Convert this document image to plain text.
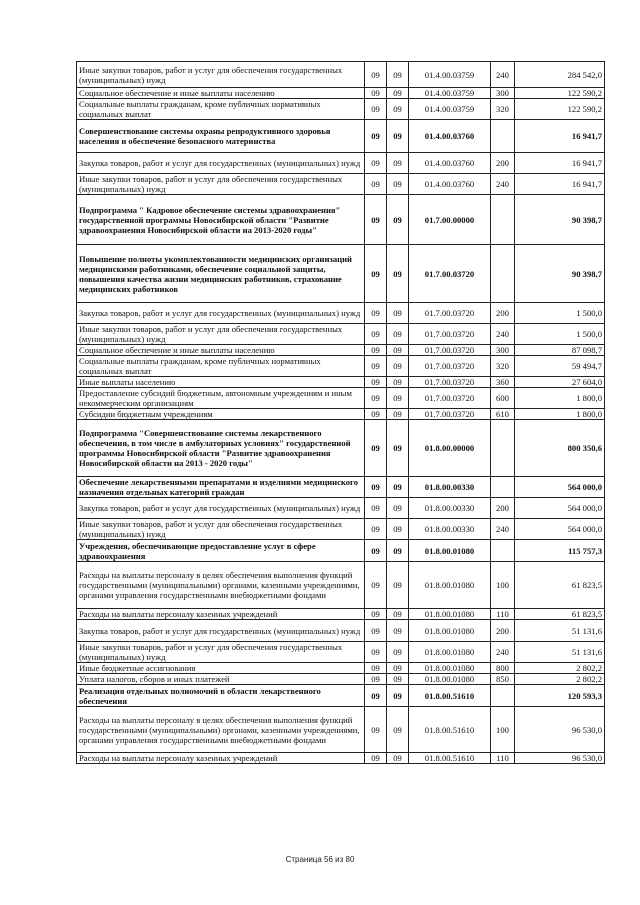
Иные закупки товаров, работ и услуг для обеспечения государственных (муниципальных) нужд	09	09	01.4.00.03759	240	284 542,0
Социальное обеспечение и иные выплаты населению	09	09	01.4.00.03759	300	122 590,2
Социальные выплаты гражданам, кроме публичных нормативных социальных выплат	09	09	01.4.00.03759	320	122 590,2
Совершенствование системы охраны репродуктивного здоровья населения и обеспечение безопасного материнства	09	09	01.4.00.03760		16 941,7
Закупка товаров, работ и услуг для государственных (муниципальных) нужд	09	09	01.4.00.03760	200	16 941,7
Иные закупки товаров, работ и услуг для обеспечения государственных (муниципальных) нужд	09	09	01.4.00.03760	240	16 941,7
Подпрограмма " Кадровое обеспечение системы здравоохранения" государственной программы Новосибирской области "Развитие здравоохранения Новосибирской области на 2013-2020 годы"	09	09	01.7.00.00000		90 398,7
Повышение полноты укомплектованности медицинских организаций медицинскими работниками, обеспечение социальной защиты, повышения качества жизни медицинских работников, страхование медицинских работников	09	09	01.7.00.03720		90 398,7
Закупка товаров, работ и услуг для государственных (муниципальных) нужд	09	09	01.7.00.03720	200	1 500,0
Иные закупки товаров, работ и услуг для обеспечения государственных (муниципальных) нужд	09	09	01.7.00.03720	240	1 500,0
Социальное обеспечение и иные выплаты населению	09	09	01.7.00.03720	300	87 098,7
Социальные выплаты гражданам, кроме публичных нормативных социальных выплат	09	09	01.7.00.03720	320	59 494,7
Иные выплаты населению	09	09	01.7.00.03720	360	27 604,0
Предоставление субсидий бюджетным, автономным учреждениям и иным некоммерческим организациям	09	09	01.7.00.03720	600	1 800,0
Субсидии бюджетным учреждениям	09	09	01.7.00.03720	610	1 800,0
Подпрограмма "Совершенствование системы лекарственного обеспечения, в том числе в амбулаторных условиях" государственной программы Новосибирской области "Развитие здравоохранения Новосибирской области на 2013 - 2020 годы"	09	09	01.8.00.00000		800 350,6
Обеспечение лекарственными препаратами и изделиями медицинского назначения отдельных категорий граждан	09	09	01.8.00.00330		564 000,0
Закупка товаров, работ и услуг для государственных (муниципальных) нужд	09	09	01.8.00.00330	200	564 000,0
Иные закупки товаров, работ и услуг для обеспечения государственных (муниципальных) нужд	09	09	01.8.00.00330	240	564 000,0
Учреждения, обеспечивающие предоставление услуг в сфере здравоохранения	09	09	01.8.00.01080		115 757,3
Расходы на выплаты персоналу в целях обеспечения выполнения функций государственными (муниципальными) органами, казенными учреждениями, органами управления государственными внебюджетными фондами	09	09	01.8.00.01080	100	61 823,5
Расходы на выплаты персоналу казенных учреждений	09	09	01.8.00.01080	110	61 823,5
Закупка товаров, работ и услуг для государственных (муниципальных) нужд	09	09	01.8.00.01080	200	51 131,6
Иные закупки товаров, работ и услуг для обеспечения государственных (муниципальных) нужд	09	09	01.8.00.01080	240	51 131,6
Иные бюджетные ассигнования	09	09	01.8.00.01080	800	2 802,2
Уплата налогов, сборов и иных платежей	09	09	01.8.00.01080	850	2 802,2
Реализация отдельных полномочий в области лекарственного обеспечения	09	09	01.8.00.51610		120 593,3
Расходы на выплаты персоналу в целях обеспечения выполнения функций государственными (муниципальными) органами, казенными учреждениями, органами управления государственными внебюджетными фондами	09	09	01.8.00.51610	100	96 530,0
Расходы на выплаты персоналу казенных учреждений	09	09	01.8.00.51610	110	96 530,0
Страница 56 из 80
